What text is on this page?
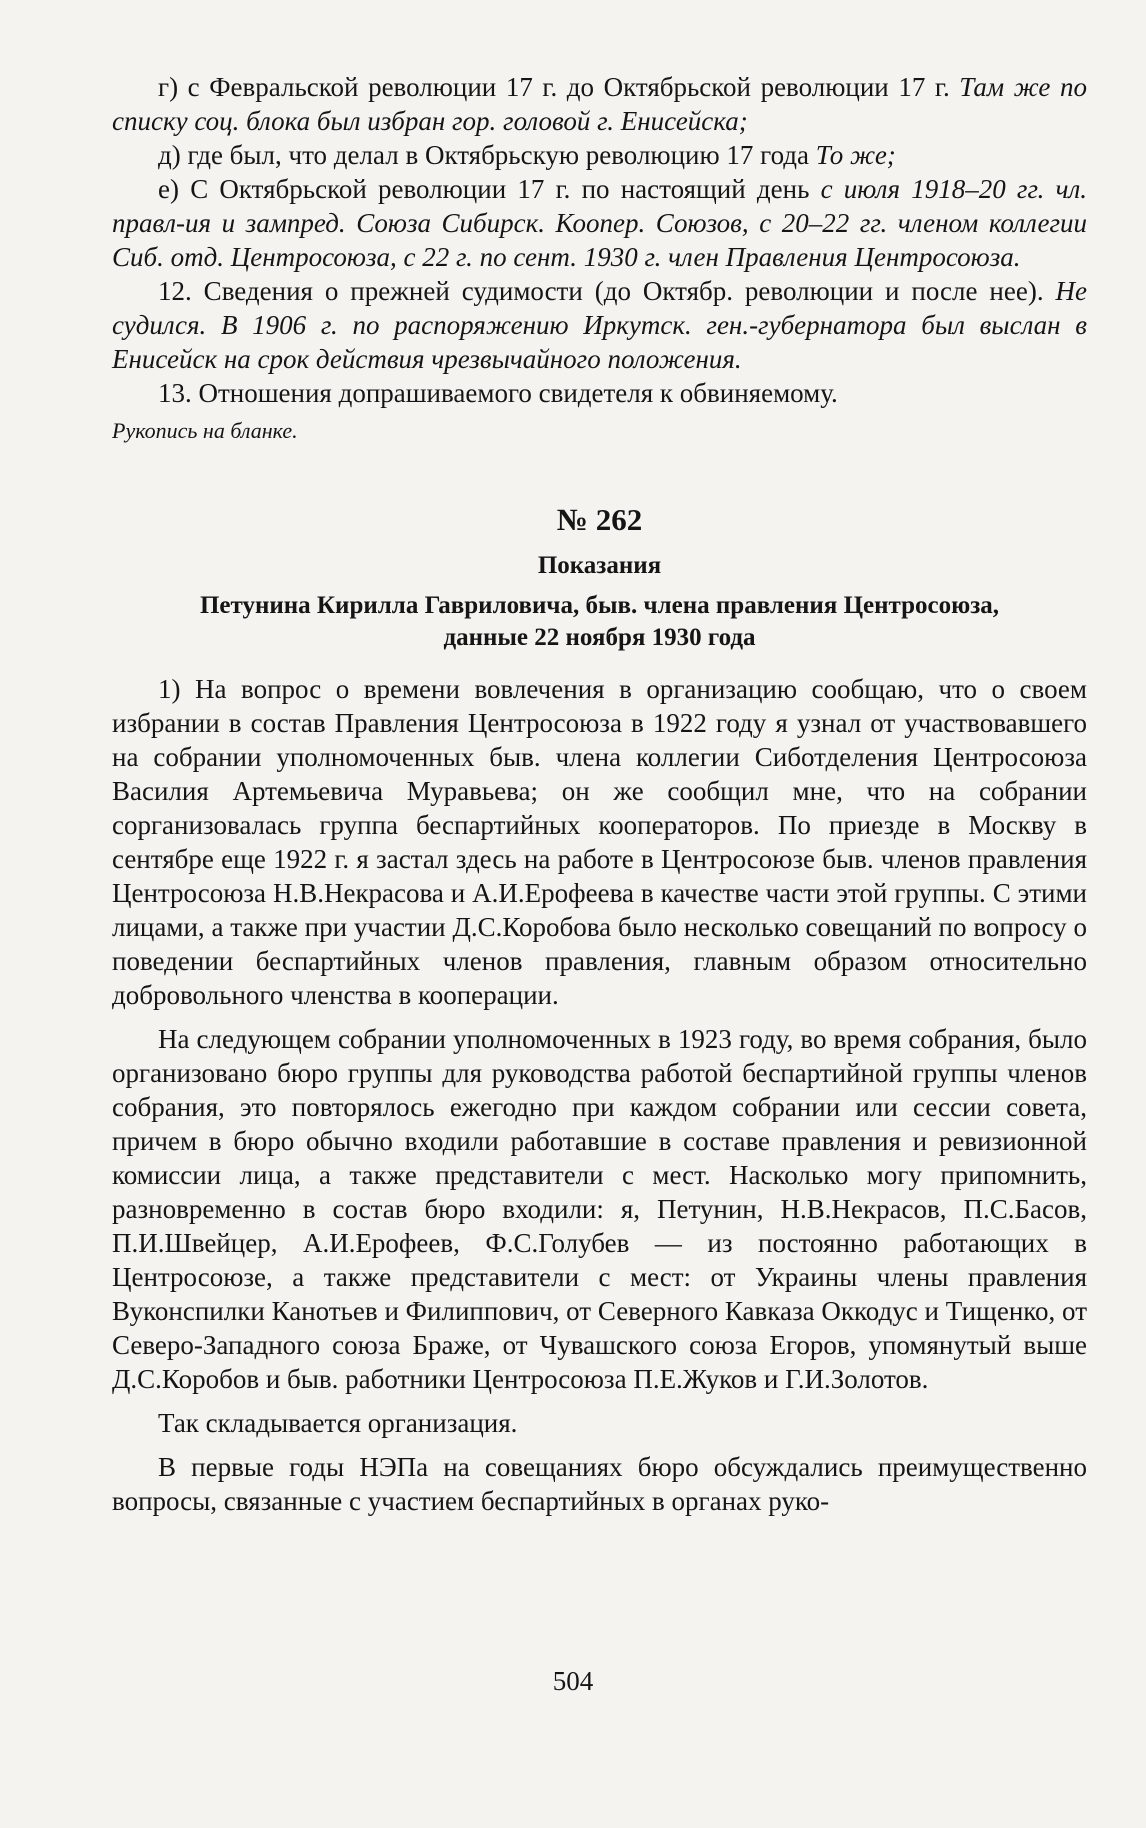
г) с Февральской революции 17 г. до Октябрьской революции 17 г. Там же по списку соц. блока был избран гор. головой г. Енисейска;

д) где был, что делал в Октябрьскую революцию 17 года То же;

е) С Октябрьской революции 17 г. по настоящий день с июля 1918–20 гг. чл. правл-ия и зампред. Союза Сибирск. Коопер. Союзов, с 20–22 гг. членом коллегии Сиб. отд. Центросоюза, с 22 г. по сент. 1930 г. член Правления Центросоюза.

12. Сведения о прежней судимости (до Октябр. революции и после нее). Не судился. В 1906 г. по распоряжению Иркутск. ген.-губернатора был выслан в Енисейск на срок действия чрезвычайного положения.

13. Отношения допрашиваемого свидетеля к обвиняемому.

Рукопись на бланке.

№ 262
Показания
Петунина Кирилла Гавриловича, быв. члена правления Центросоюза,
данные 22 ноября 1930 года

1) На вопрос о времени вовлечения в организацию сообщаю, что о своем избрании в состав Правления Центросоюза в 1922 году я узнал от участвовавшего на собрании уполномоченных быв. члена коллегии Сиботделения Центросоюза Василия Артемьевича Муравьева; он же сообщил мне, что на собрании сорганизовалась группа беспартийных кооператоров. По приезде в Москву в сентябре еще 1922 г. я застал здесь на работе в Центросоюзе быв. членов правления Центросоюза Н.В.Некрасова и А.И.Ерофеева в качестве части этой группы. С этими лицами, а также при участии Д.С.Коробова было несколько совещаний по вопросу о поведении беспартийных членов правления, главным образом относительно добровольного членства в кооперации.

На следующем собрании уполномоченных в 1923 году, во время собрания, было организовано бюро группы для руководства работой беспартийной группы членов собрания, это повторялось ежегодно при каждом собрании или сессии совета, причем в бюро обычно входили работавшие в составе правления и ревизионной комиссии лица, а также представители с мест. Насколько могу припомнить, разновременно в состав бюро входили: я, Петунин, Н.В.Некрасов, П.С.Басов, П.И.Швейцер, А.И.Ерофеев, Ф.С.Голубев — из постоянно работающих в Центросоюзе, а также представители с мест: от Украины члены правления Вуконспилки Канотьев и Филиппович, от Северного Кавказа Оккодус и Тищенко, от Северо-Западного союза Браже, от Чувашского союза Егоров, упомянутый выше Д.С.Коробов и быв. работники Центросоюза П.Е.Жуков и Г.И.Золотов.

Так складывается организация.

В первые годы НЭПа на совещаниях бюро обсуждались преимущественно вопросы, связанные с участием беспартийных в органах руко-

504
